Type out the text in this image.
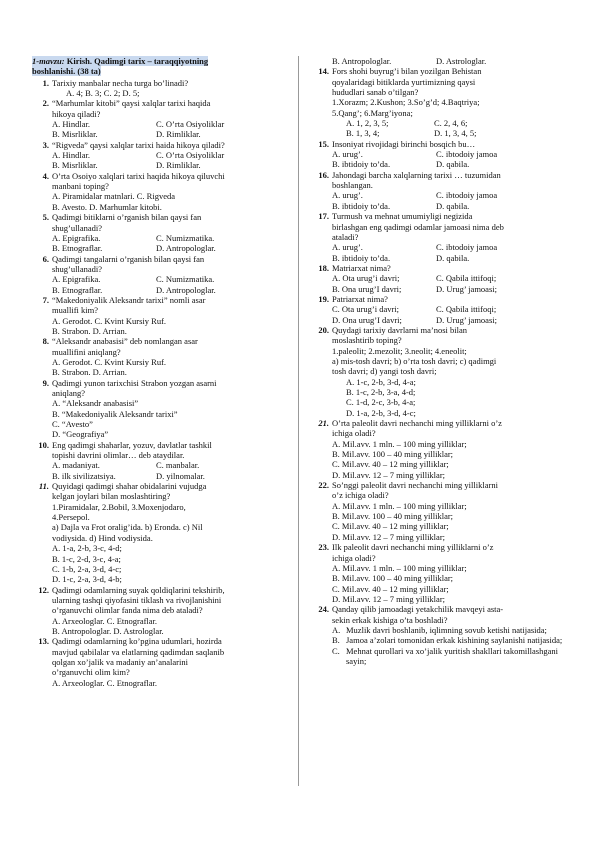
1-mavzu: Kirish. Qadimgi tarix – taraqqiyotning
boshlanishi. (38 ta)
1. Tarixiy manbalar necha turga bo’linadi?
A. 4; B. 3; C. 2; D. 5;
2. “Marhumlar kitobi” qaysi xalqlar tarixi haqida
hikoya qiladi?
A. Hindlar.	C. O’rta Osiyoliklar
B. Misrliklar.	D. Rimliklar.
3. “Rigveda” qaysi xalqlar tarixi haida hikoya qiladi?
A. Hindlar.	C. O’rta Osiyoliklar
B. Misrliklar.	D. Rimliklar.
4. O’rta Osoiyo xalqlari tarixi haqida hikoya qiluvchi
manbani toping?
A. Piramidalar matnlari. C. Rigveda
B. Avesto. D. Marhumlar kitobi.
5. Qadimgi bitiklarni o’rganish bilan qaysi fan
shug’ullanadi?
A. Epigrafika.	C. Numizmatika.
B. Etnograflar.	D. Antropologlar.
6. Qadimgi tangalarni o’rganish bilan qaysi fan
shug’ullanadi?
A. Epigrafika.	C. Numizmatika.
B. Etnograflar.	D. Antropologlar.
7. “Makedoniyalik Aleksandr tarixi” nomli asar
muallifi kim?
A. Gerodot. C. Kvint Kursiy Ruf.
B. Strabon. D. Arrian.
8. “Aleksandr anabasisi” deb nomlangan asar
muallifini aniqlang?
A. Gerodot. C. Kvint Kursiy Ruf.
B. Strabon. D. Arrian.
9. Qadimgi yunon tarixchisi Strabon yozgan asarni
aniqlang?
A. “Aleksandr anabasisi”
B. “Makedoniyalik Aleksandr tarixi”
C. “Avesto”
D. “Geografiya”
10. Eng qadimgi shaharlar, yozuv, davlatlar tashkil
topishi davrini olimlar… deb ataydilar.
A. madaniyat.	C. manbalar.
B. ilk sivilizatsiya.	D. yilnomalar.
11. Quyidagi qadimgi shahar obidalarini vujudga
kelgan joylari bilan moslashtiring?
1.Piramidalar, 2.Bobil, 3.Moxenjodaro,
4.Persepol.
a) Dajla va Frot oralig’ida. b) Eronda. c) Nil
vodiysida. d) Hind vodiysida.
A. 1-a, 2-b, 3-c, 4-d;
B. 1-c, 2-d, 3-c, 4-a;
C. 1-b, 2-a, 3-d, 4-c;
D. 1-c, 2-a, 3-d, 4-b;
12. Qadimgi odamlarning suyak qoldiqlarini tekshirib,
ularning tashqi qiyofasini tiklash va rivojlanishini
o’rganuvchi olimlar fanda nima deb ataladi?
A. Arxeologlar. C. Etnograflar.
B. Antropologlar. D. Astrologlar.
13. Qadimgi odamlarning ko’pgina udumlari, hozirda
mavjud qabilalar va elatlarning qadimdan saqlanib
qolgan xo’jalik va madaniy an’analarini
o’rganuvchi olim kim?
A. Arxeologlar. C. Etnograflar.
B. Antropologlar.	D. Astrologlar.
14. Fors shohi buyrug’i bilan yozilgan Behistan
qoyalaridagi bitiklarda yurtimizning qaysi
hududlari sanab o’tilgan?
1.Xorazm; 2.Kushon; 3.So’g’d; 4.Baqtriya;
5.Qang’; 6.Marg’iyona;
A. 1, 2, 3, 5;	C. 2, 4, 6;
B. 1, 3, 4;	D. 1, 3, 4, 5;
15. Insoniyat rivojidagi birinchi bosqich bu…
A. urug’.	C. ibtodoiy jamoa
B. ibtidoiy to’da.	D. qabila.
16. Jahondagi barcha xalqlarning tarixi … tuzumidan
boshlangan.
A. urug’.	C. ibtodoiy jamoa
B. ibtidoiy to’da.	D. qabila.
17. Turmush va mehnat umumiyligi negizida
birlashgan eng qadimgi odamlar jamoasi nima deb
ataladi?
A. urug’.	C. ibtodoiy jamoa
B. ibtidoiy to’da.	D. qabila.
18. Matriarxat nima?
A. Ota urug’i davri;	C. Qabila ittifoqi;
B. Ona urug’I davri;	D. Urug’ jamoasi;
19. Patriarxat nima?
C. Ota urug’i davri;	C. Qabila ittifoqi;
D. Ona urug’I davri;	D. Urug’ jamoasi;
20. Quydagi tarixiy davrlarni ma’nosi bilan
moslashtirib toping?
1.paleolit; 2.mezolit; 3.neolit; 4.eneolit;
a) mis-tosh davri; b) o’rta tosh davri; c) qadimgi
tosh davri; d) yangi tosh davri;
A. 1-c, 2-b, 3-d, 4-a;
B. 1-c, 2-b, 3-a, 4-d;
C. 1-d, 2-c, 3-b, 4-a;
D. 1-a, 2-b, 3-d, 4-c;
21. O’rta paleolit davri nechanchi ming yilliklarni o’z
ichiga oladi?
A. Mil.avv. 1 mln. – 100 ming yilliklar;
B. Mil.avv. 100 – 40 ming yilliklar;
C. Mil.avv. 40 – 12 ming yilliklar;
D. Mil.avv. 12 – 7 ming yilliklar;
22. So’nggi paleolit davri nechanchi ming yilliklarni
o’z ichiga oladi?
A. Mil.avv. 1 mln. – 100 ming yilliklar;
B. Mil.avv. 100 – 40 ming yilliklar;
C. Mil.avv. 40 – 12 ming yilliklar;
D. Mil.avv. 12 – 7 ming yilliklar;
23. Ilk paleolit davri nechanchi ming yilliklarni o’z
ichiga oladi?
A. Mil.avv. 1 mln. – 100 ming yilliklar;
B. Mil.avv. 100 – 40 ming yilliklar;
C. Mil.avv. 40 – 12 ming yilliklar;
D. Mil.avv. 12 – 7 ming yilliklar;
24. Qanday qilib jamoadagi yetakchilik mavqeyi asta-
sekin erkak kishiga o’ta boshladi?
A. Muzlik davri boshlanib, iqlimning sovub ketishi natijasida;
B. Jamoa a’zolari tomonidan erkak kishining saylanishi natijasida;
C. Mehnat qurollari va xo’jalik yuritish shakllari takomillashgani sayin;
